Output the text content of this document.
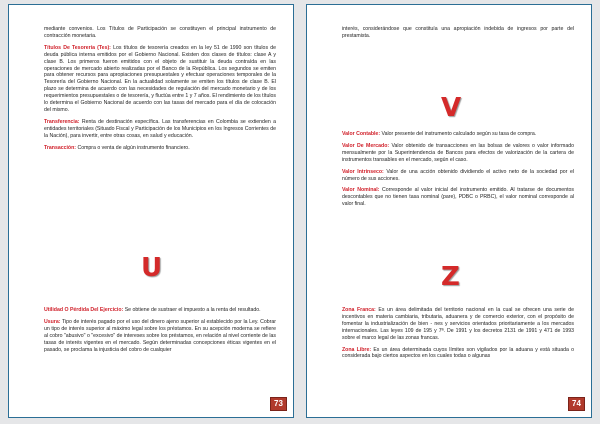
mediante convenios. Los Títulos de Participación se constituyen el principal instrumento de contracción monetaria.

Títulos De Tesorería (Tes): Los títulos de tesorería creados en la ley 51 de 1990 son títulos de deuda pública interna emitidos por el Gobierno Nacional. Existen dos clases de títulos: clase A y clase B. Los primeros fueron emitidos con el objeto de sustituir la deuda contraída en las operaciones de mercado abierto realizadas por el Banco de la República. Los segundos se emiten para obtener recursos para apropiaciones presupuestales y efectuar operaciones temporales de la Tesorería del Gobierno Nacional. En la actualidad solamente se emiten los títulos de clase B. El plazo se determina de acuerdo con las necesidades de regulación del mercado monetario y de los requerimientos presupuestales o de tesorería, y fluctúa entre 1 y 7 años. El rendimiento de los títulos lo determina el Gobierno Nacional de acuerdo con las tasas del mercado para el día de colocación del mismo.

Transferencia: Renta de destinación específica. Las transferencias en Colombia se extienden a entidades territoriales (Situado Fiscal y Participación de los Municipios en los Ingresos Corrientes de la Nación), para invertir, entre otras cosas, en salud y educación.

Transacción: Compra o venta de algún instrumento financiero.

U

Utilidad O Pérdida Del Ejercicio: Se obtiene de sustraer el impuesto a la renta del resultado.

Usura: Tipo de interés pagado por el uso del dinero ajeno superior al establecido por la Ley. Cobrar un tipo de interés superior al máximo legal sobre los préstamos. En su acepción moderna se refiere al cobro "abusivo" o "excesivo" de intereses sobre los préstamos, en relación al nivel corriente de las tasas de interés vigentes en el mercado. Según determinadas concepciones éticas vigentes en el pasado, se proclama la injusticia del cobro de cualquier

73

interés, considerándose que constituía una apropiación indebida de ingresos por parte del prestamista.

V

Valor Contable: Valor presente del instrumento calculado según su tasa de compra.

Valor De Mercado: Valor obtenido de transacciones en las bolsas de valores o valor informado mensualmente por la Superintendencia de Bancos para efectos de valorización de la cartera de instrumentos transables en el mercado, según el caso.

Valor Intrínseco: Valor de una acción obtenido dividiendo el activo neto de la sociedad por el número de sus acciones.

Valor Nominal: Corresponde al valor inicial del instrumento emitido. Al tratarse de documentos descontables que no tienen tasa nominal (pare), PDBC o PRBC), el valor nominal corresponde al valor final.

Z

Zona Franca: Es un área delimitada del territorio nacional en la cual se ofrecen una serie de incentivos en materia cambiaria, tributaria, aduanera y de comercio exterior, con el propósito de fomentar la industrialización de bien - nes y servicios orientados prioritariamente a los mercados internacionales. Las leyes 109 de 195 y 7ª. De 1991 y los decretos 2131 de 1991 y 471 de 1993 sobre el marco legal de las zonas francas.

Zona Libre: Es un área determinada cuyos límites son vigilados por la aduana y está situada o considerada bajo ciertos aspectos en los cuales todas o algunas

74
